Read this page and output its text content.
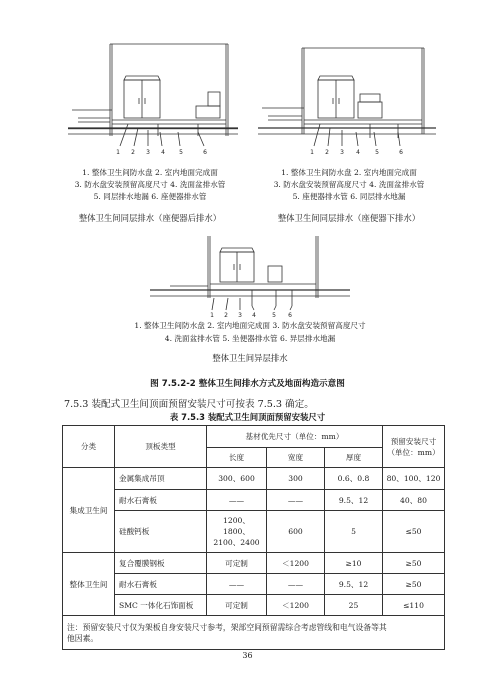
1 2 3 4 5	6
1. 整体卫生间防水盘 2. 室内地面完成面
3. 防水盘安装预留高度尺寸 4. 洗面盆排水管
5. 同层排水地漏 6. 座便器排水管
整体卫生间同层排水（座便器后排水）
1 2 3 4	5	6
1. 整体卫生间防水盘 2. 室内地面完成面
3. 防水盘安装预留高度尺寸 4. 洗面盆排水管
5. 座便器排水管 6. 同层排水地漏
整体卫生间同层排水（座便器下排水）
1 2 3 4	5 6
1. 整体卫生间防水盘 2. 室内地面完成面 3. 防水盘安装预留高度尺寸
4. 洗面盆排水管 5. 坐便器排水管 6. 异层排水地漏
整体卫生间异层排水
图 7.5.2-2 整体卫生间排水方式及地面构造示意图
7.5.3 装配式卫生间顶面预留安装尺寸可按表 7.5.3 确定。
表 7.5.3 装配式卫生间顶面预留安装尺寸
分类	顶板类型	基材优先尺寸（单位：mm）			预留安装尺寸
（单位：mm）

		长度	宽度	厚度	
集成卫生间	金属集成吊顶	300、600	300	0.6、0.8	80、100、120
	耐水石膏板	——	——	9.5、12	40、80
	硅酸钙板	1200、
1800、
2100、2400	600	5	≤50
整体卫生间	复合覆膜钢板	可定制	＜1200	≥10	≥50
	耐水石膏板	——	——	9.5、12	≥50
	SMC 一体化石饰面板	可定制	＜1200	25	≤110

注：预留安装尺寸仅为架板自身安装尺寸参考，架部空间预留需综合考虑管线和电气设备等其
他因素。					
36
